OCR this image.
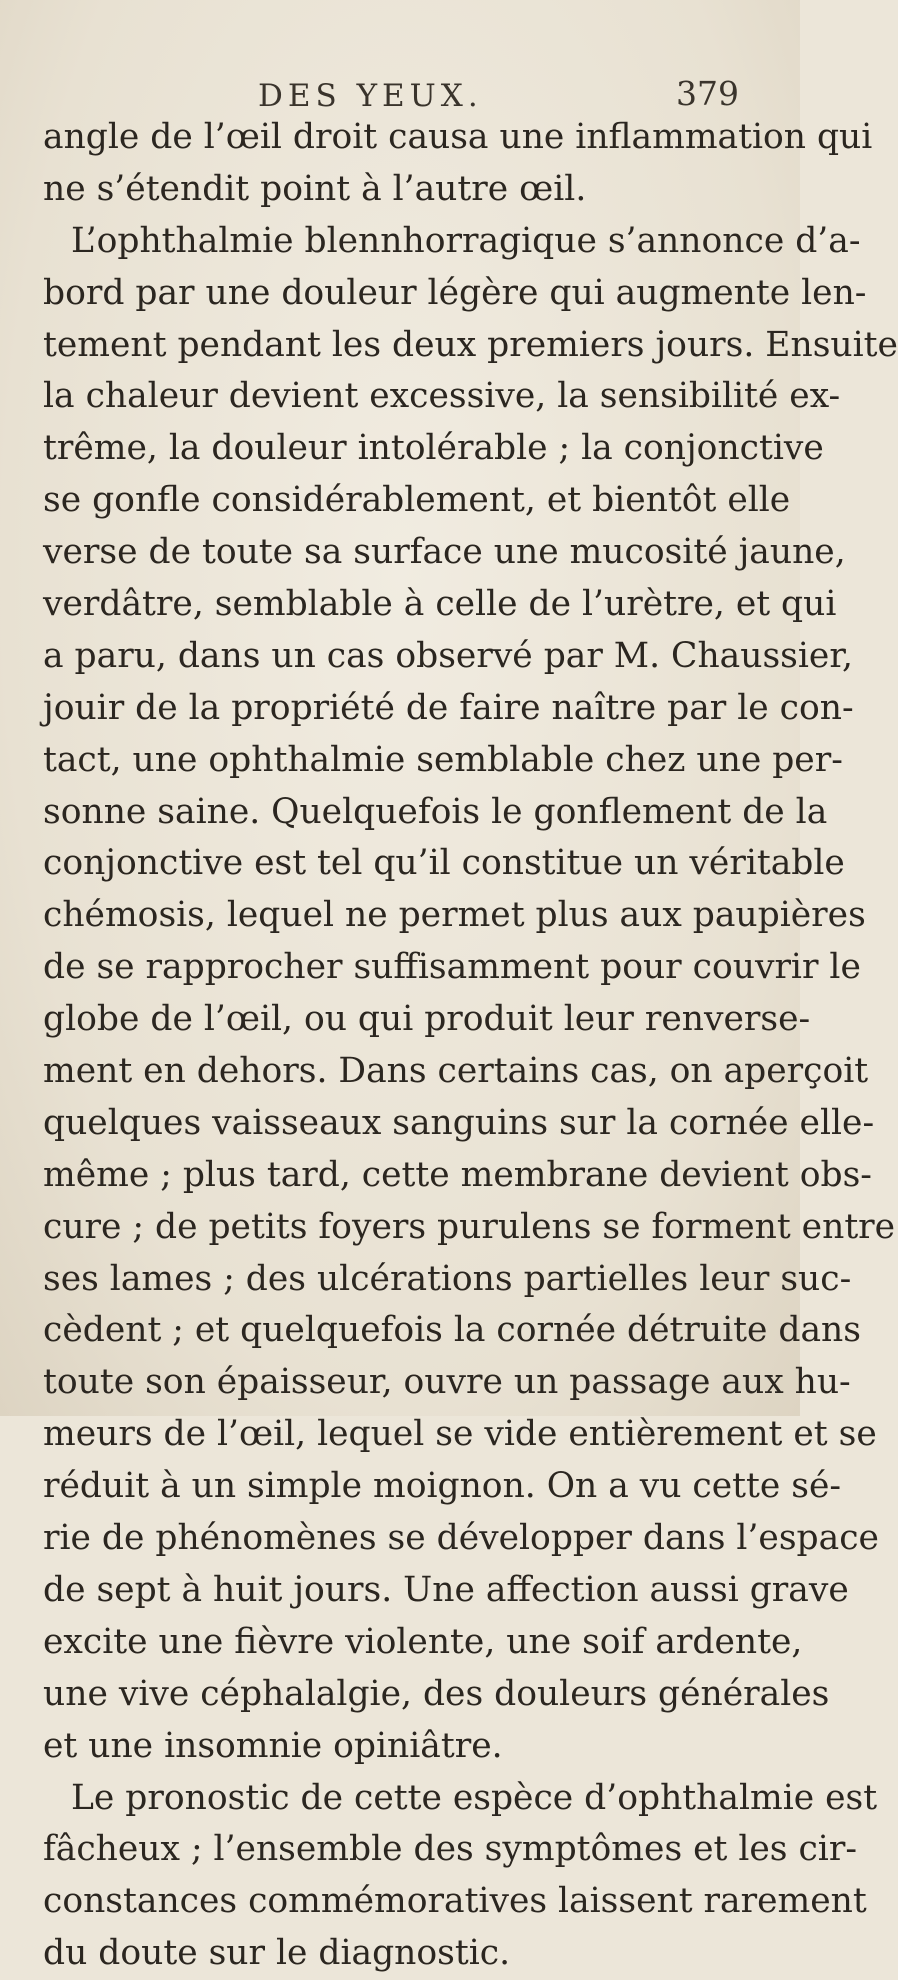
DES YEUX.	379
angle de l’œil droit causa une inflammation qui
ne s’étendit point à l’autre œil.
L’ophthalmie blennhorragique s’annonce d’a-
bord par une douleur légère qui augmente len-
tement pendant les deux premiers jours. Ensuite
la chaleur devient excessive, la sensibilité ex-
trême, la douleur intolérable ; la conjonctive
se gonfle considérablement, et bientôt elle
verse de toute sa surface une mucosité jaune,
verdâtre, semblable à celle de l’urètre, et qui
a paru, dans un cas observé par M. Chaussier,
jouir de la propriété de faire naître par le con-
tact, une ophthalmie semblable chez une per-
sonne saine. Quelquefois le gonflement de la
conjonctive est tel qu’il constitue un véritable
chémosis, lequel ne permet plus aux paupières
de se rapprocher suffisamment pour couvrir le
globe de l’œil, ou qui produit leur renverse-
ment en dehors. Dans certains cas, on aperçoit
quelques vaisseaux sanguins sur la cornée elle-
même ; plus tard, cette membrane devient obs-
cure ; de petits foyers purulens se forment entre
ses lames ; des ulcérations partielles leur suc-
cèdent ; et quelquefois la cornée détruite dans
toute son épaisseur, ouvre un passage aux hu-
meurs de l’œil, lequel se vide entièrement et se
réduit à un simple moignon. On a vu cette sé-
rie de phénomènes se développer dans l’espace
de sept à huit jours. Une affection aussi grave
excite une fièvre violente, une soif ardente,
une vive céphalalgie, des douleurs générales
et une insomnie opiniâtre.
Le pronostic de cette espèce d’ophthalmie est
fâcheux ; l’ensemble des symptômes et les cir-
constances commémoratives laissent rarement
du doute sur le diagnostic.
